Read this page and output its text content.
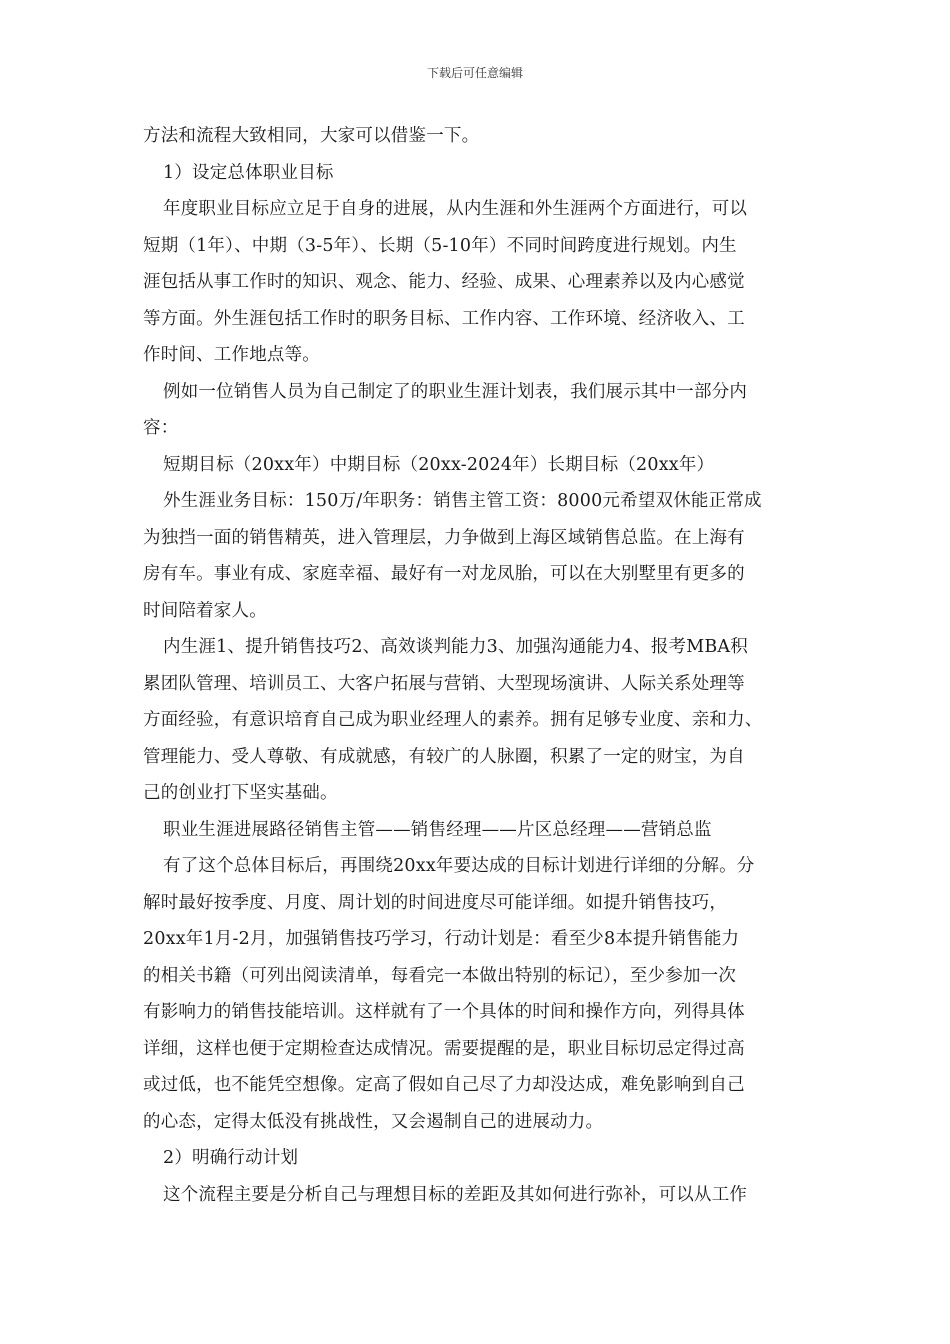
下载后可任意编辑
方法和流程大致相同，大家可以借鉴一下。
1）设定总体职业目标
年度职业目标应立足于自身的进展，从内生涯和外生涯两个方面进行，可以
短期（1年）、中期（3-5年）、长期（5-10年）不同时间跨度进行规划。内生
涯包括从事工作时的知识、观念、能力、经验、成果、心理素养以及内心感觉
等方面。外生涯包括工作时的职务目标、工作内容、工作环境、经济收入、工
作时间、工作地点等。
例如一位销售人员为自己制定了的职业生涯计划表，我们展示其中一部分内
容：
短期目标（20xx年）中期目标（20xx-2024年）长期目标（20xx年）
外生涯业务目标：150万/年职务：销售主管工资：8000元希望双休能正常成
为独挡一面的销售精英，进入管理层，力争做到上海区域销售总监。在上海有
房有车。事业有成、家庭幸福、最好有一对龙凤胎，可以在大别墅里有更多的
时间陪着家人。
内生涯1、提升销售技巧2、高效谈判能力3、加强沟通能力4、报考MBA积
累团队管理、培训员工、大客户拓展与营销、大型现场演讲、人际关系处理等
方面经验，有意识培育自己成为职业经理人的素养。拥有足够专业度、亲和力、
管理能力、受人尊敬、有成就感，有较广的人脉圈，积累了一定的财宝，为自
己的创业打下坚实基础。
职业生涯进展路径销售主管——销售经理——片区总经理——营销总监
有了这个总体目标后，再围绕20xx年要达成的目标计划进行详细的分解。分
解时最好按季度、月度、周计划的时间进度尽可能详细。如提升销售技巧，
20xx年1月-2月，加强销售技巧学习，行动计划是：看至少8本提升销售能力
的相关书籍（可列出阅读清单，每看完一本做出特别的标记），至少参加一次
有影响力的销售技能培训。这样就有了一个具体的时间和操作方向，列得具体
详细，这样也便于定期检查达成情况。需要提醒的是，职业目标切忌定得过高
或过低，也不能凭空想像。定高了假如自己尽了力却没达成，难免影响到自己
的心态，定得太低没有挑战性，又会遏制自己的进展动力。
2）明确行动计划
这个流程主要是分析自己与理想目标的差距及其如何进行弥补，可以从工作
